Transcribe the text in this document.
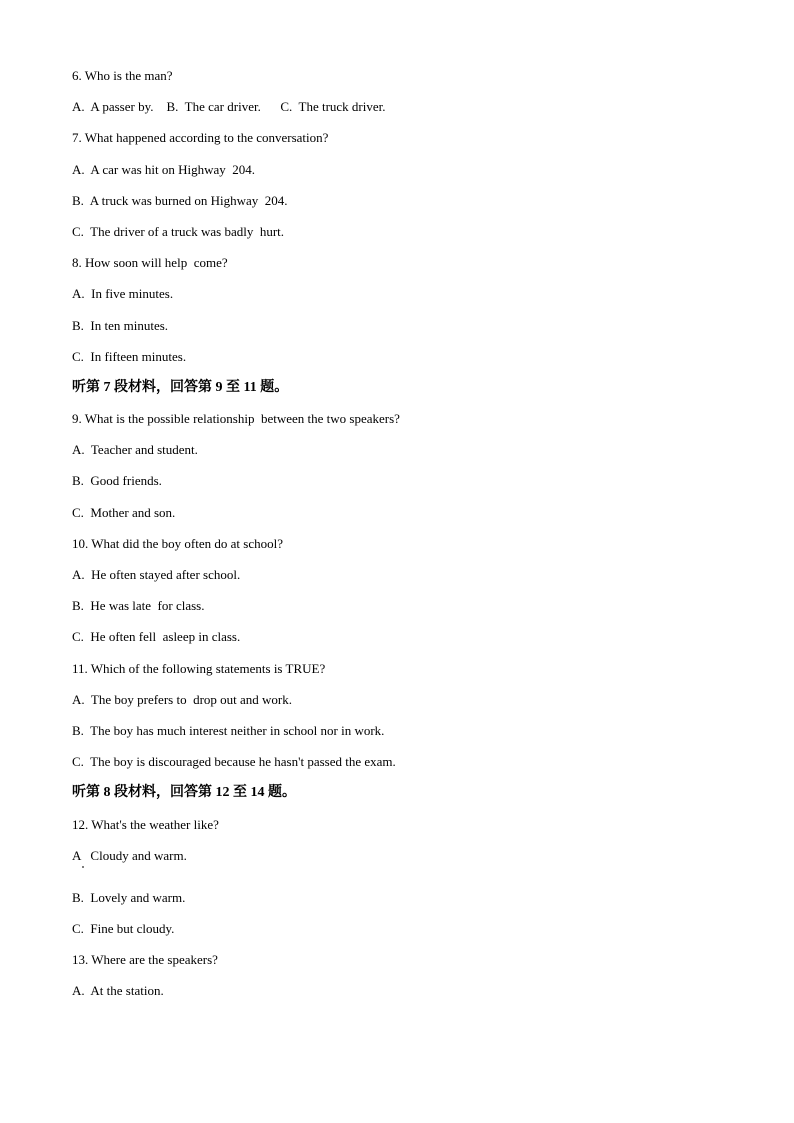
6. Who is the man?
A.  A passer by.    B.  The car driver.      C.  The truck driver.
7. What happened according to the conversation?
A.  A car was hit on Highway  204.
B.  A truck was burned on Highway  204.
C.  The driver of a truck was badly  hurt.
8. How soon will help  come?
A.  In five minutes.
B.  In ten minutes.
C.  In fifteen minutes.
听第 7 段材料，回答第 9 至 11 题。
9. What is the possible relationship  between the two speakers?
A.  Teacher and student.
B.  Good friends.
C.  Mother and son.
10. What did the boy often do at school?
A.  He often stayed after school.
B.  He was late  for class.
C.  He often fell  asleep in class.
11. Which of the following statements is TRUE?
A.  The boy prefers to  drop out and work.
B.  The boy has much interest neither in school nor in work.
C.  The boy is discouraged because he hasn't passed the exam.
听第 8 段材料，回答第 12 至 14 题。
12. What's the weather like?
A   Cloudy and warm.
B.  Lovely and warm.
C.  Fine but cloudy.
13. Where are the speakers?
A.  At the station.
